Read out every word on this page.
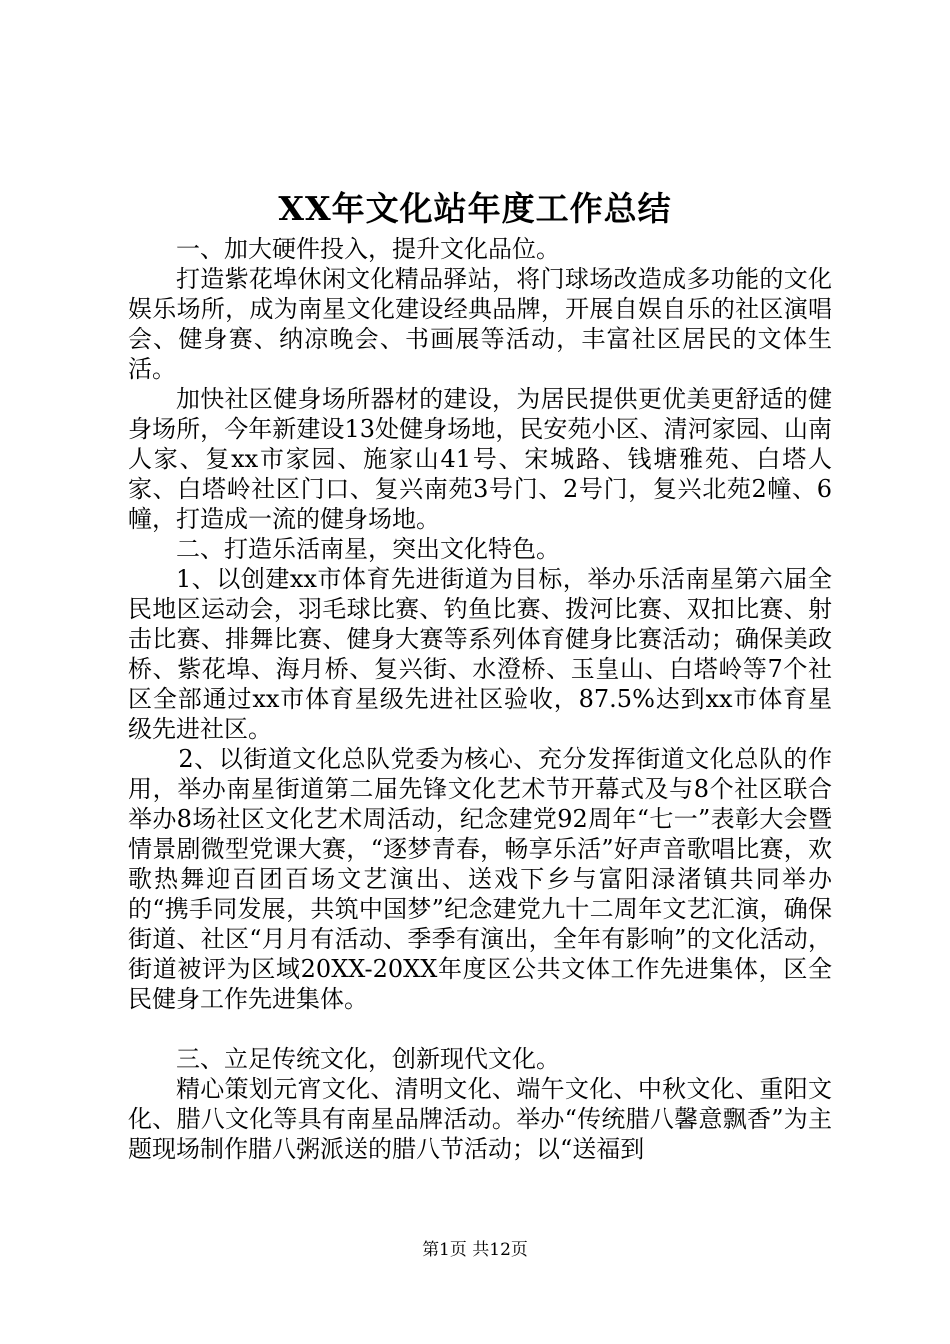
XX年文化站年度工作总结

一、加大硬件投入，提升文化品位。

打造紫花埠休闲文化精品驿站，将门球场改造成多功能的文化娱乐场所，成为南星文化建设经典品牌，开展自娱自乐的社区演唱会、健身赛、纳凉晚会、书画展等活动，丰富社区居民的文体生活。

加快社区健身场所器材的建设，为居民提供更优美更舒适的健身场所，今年新建设13处健身场地，民安苑小区、清河家园、山南人家、复xx市家园、施家山41号、宋城路、钱塘雅苑、白塔人家、白塔岭社区门口、复兴南苑3号门、2号门，复兴北苑2幢、6幢，打造成一流的健身场地。

二、打造乐活南星，突出文化特色。

1、以创建xx市体育先进街道为目标，举办乐活南星第六届全民地区运动会，羽毛球比赛、钓鱼比赛、拨河比赛、双扣比赛、射击比赛、排舞比赛、健身大赛等系列体育健身比赛活动；确保美政桥、紫花埠、海月桥、复兴街、水澄桥、玉皇山、白塔岭等7个社区全部通过xx市体育星级先进社区验收，87.5%达到xx市体育星级先进社区。

2、以街道文化总队党委为核心、充分发挥街道文化总队的作用，举办南星街道第二届先锋文化艺术节开幕式及与8个社区联合举办8场社区文化艺术周活动，纪念建党92周年“七一”表彰大会暨情景剧微型党课大赛，“逐梦青春，畅享乐活”好声音歌唱比赛，欢歌热舞迎百团百场文艺演出、送戏下乡与富阳渌渚镇共同举办的“携手同发展，共筑中国梦”纪念建党九十二周年文艺汇演，确保街道、社区“月月有活动、季季有演出，全年有影响”的文化活动，街道被评为区域20XX-20XX年度区公共文体工作先进集体，区全民健身工作先进集体。

三、立足传统文化，创新现代文化。

精心策划元宵文化、清明文化、端午文化、中秋文化、重阳文化、腊八文化等具有南星品牌活动。举办“传统腊八馨意飘香”为主题现场制作腊八粥派送的腊八节活动；以“送福到

第1页 共12页
